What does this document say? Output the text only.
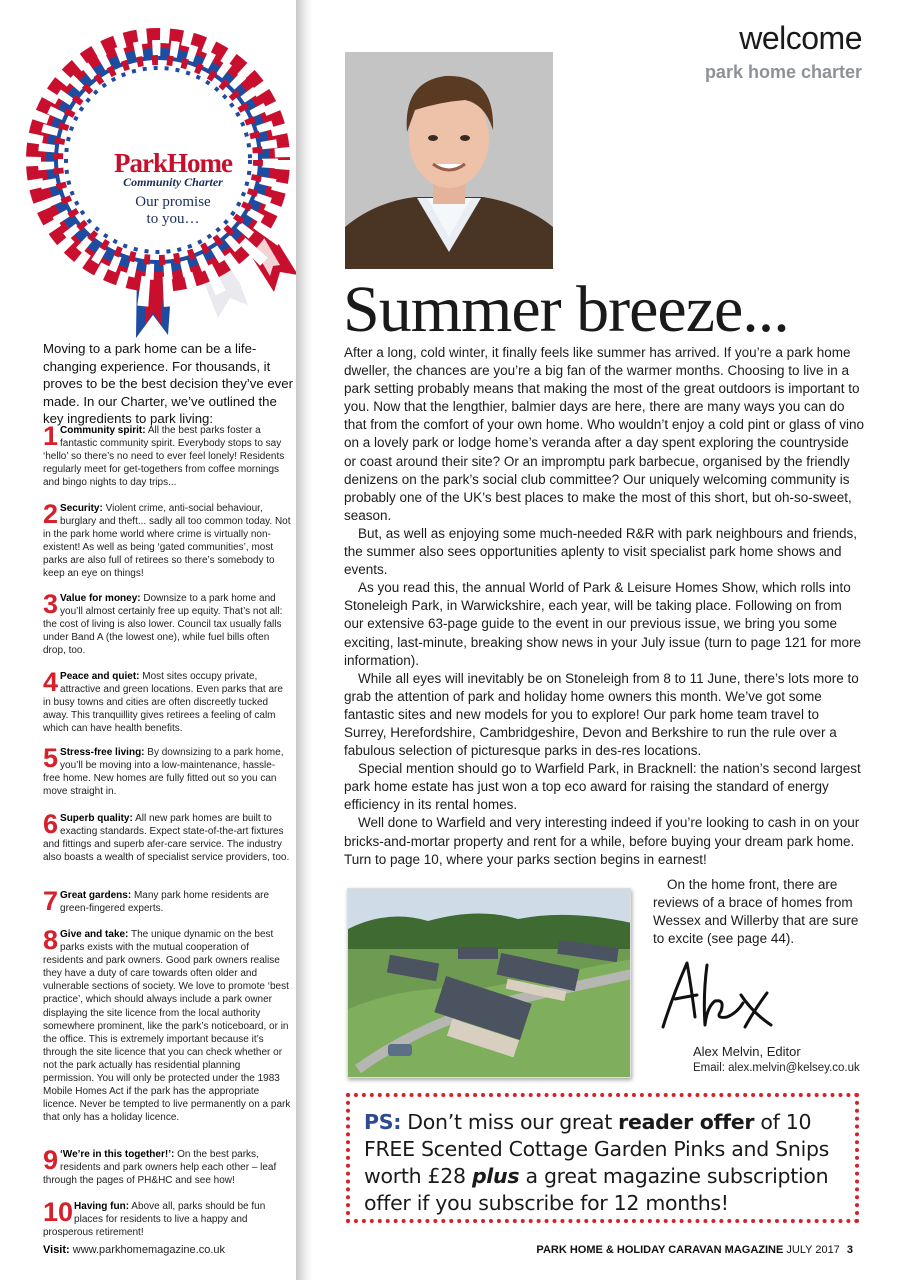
ParkHome
Community Charter
Our promise
to you…
Moving to a park home can be a life-changing experience. For thousands, it proves to be the best decision they’ve ever made. In our Charter, we’ve outlined the key ingredients to park living:
1 Community spirit: All the best parks foster a fantastic community spirit. Everybody stops to say ‘hello’ so there’s no need to ever feel lonely! Residents regularly meet for get-togethers from coffee mornings and bingo nights to day trips...
2 Security: Violent crime, anti-social behaviour, burglary and theft... sadly all too common today. Not in the park home world where crime is virtually non-existent! As well as being ‘gated communities’, most parks are also full of retirees so there’s somebody to keep an eye on things!
3 Value for money: Downsize to a park home and you’ll almost certainly free up equity. That’s not all: the cost of living is also lower. Council tax usually falls under Band A (the lowest one), while fuel bills often drop, too.
4 Peace and quiet: Most sites occupy private, attractive and green locations. Even parks that are in busy towns and cities are often discreetly tucked away. This tranquillity gives retirees a feeling of calm which can have health benefits.
5 Stress-free living: By downsizing to a park home, you’ll be moving into a low-maintenance, hassle-free home. New homes are fully fitted out so you can move straight in.
6 Superb quality: All new park homes are built to exacting standards. Expect state-of-the-art fixtures and fittings and superb afer-care service. The industry also boasts a wealth of specialist service providers, too.
7 Great gardens: Many park home residents are green-fingered experts.
8 Give and take: The unique dynamic on the best parks exists with the mutual cooperation of residents and park owners. Good park owners realise they have a duty of care towards often older and vulnerable sections of society. We love to promote ‘best practice’, which should always include a park owner displaying the site licence from the local authority somewhere prominent, like the park’s noticeboard, or in the office. This is extremely important because it’s through the site licence that you can check whether or not the park actually has residential planning permission. You will only be protected under the 1983 Mobile Homes Act if the park has the appropriate licence. Never be tempted to live permanently on a park that only has a holiday licence.
9 ‘We’re in this together!’: On the best parks, residents and park owners help each other – leaf through the pages of PH&HC and see how!
10 Having fun: Above all, parks should be fun places for residents to live a happy and prosperous retirement!
Visit: www.parkhomemagazine.co.uk
welcome
park home charter
Summer breeze...

After a long, cold winter, it finally feels like summer has arrived. If you’re a park home dweller, the chances are you’re a big fan of the warmer months. Choosing to live in a park setting probably means that making the most of the great outdoors is important to you. Now that the lengthier, balmier days are here, there are many ways you can do that from the comfort of your own home. Who wouldn’t enjoy a cold pint or glass of vino on a lovely park or lodge home’s veranda after a day spent exploring the countryside or coast around their site? Or an impromptu park barbecue, organised by the friendly denizens on the park’s social club committee? Our uniquely welcoming community is probably one of the UK’s best places to make the most of this short, but oh-so-sweet, season.

But, as well as enjoying some much-needed R&R with park neighbours and friends, the summer also sees opportunities aplenty to visit specialist park home shows and events.

As you read this, the annual World of Park & Leisure Homes Show, which rolls into Stoneleigh Park, in Warwickshire, each year, will be taking place. Following on from our extensive 63-page guide to the event in our previous issue, we bring you some exciting, last-minute, breaking show news in your July issue (turn to page 121 for more information).

While all eyes will inevitably be on Stoneleigh from 8 to 11 June, there’s lots more to grab the attention of park and holiday home owners this month. We’ve got some fantastic sites and new models for you to explore! Our park home team travel to Surrey, Herefordshire, Cambridgeshire, Devon and Berkshire to run the rule over a fabulous selection of picturesque parks in des-res locations.

Special mention should go to Warfield Park, in Bracknell: the nation’s second largest park home estate has just won a top eco award for raising the standard of energy efficiency in its rental homes.

Well done to Warfield and very interesting indeed if you’re looking to cash in on your bricks-and-mortar property and rent for a while, before buying your dream park home. Turn to page 10, where your parks section begins in earnest!

On the home front, there are reviews of a brace of homes from Wessex and Willerby that are sure to excite (see page 44).
Alex Melvin, Editor
Email: alex.melvin@kelsey.co.uk
PS: Don’t miss our great reader offer of 10 FREE Scented Cottage Garden Pinks and Snips worth £28 plus a great magazine subscription offer if you subscribe for 12 months!
PARK HOME & HOLIDAY CARAVAN MAGAZINE JULY 2017 3
